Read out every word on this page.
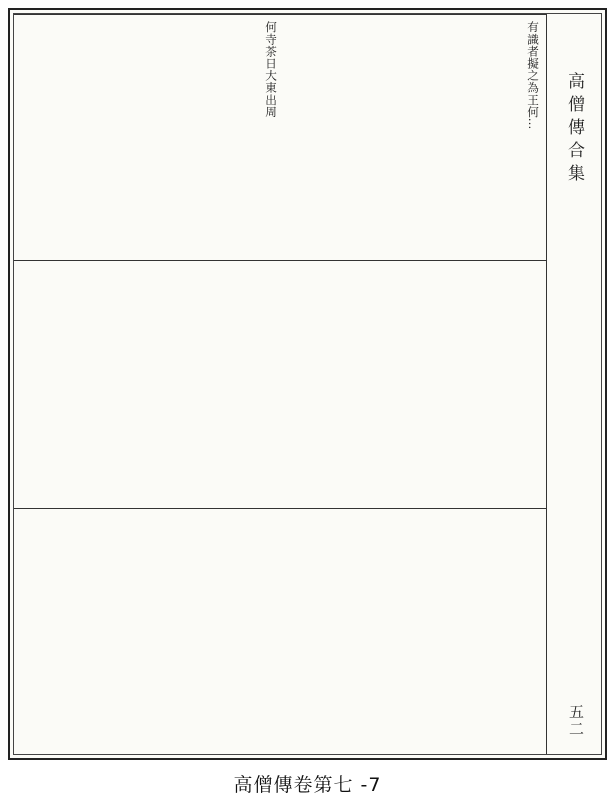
高僧傳合集
五二
有識者擬之為王何…
何寺茶日大東出周
高僧傳卷第七 -7
